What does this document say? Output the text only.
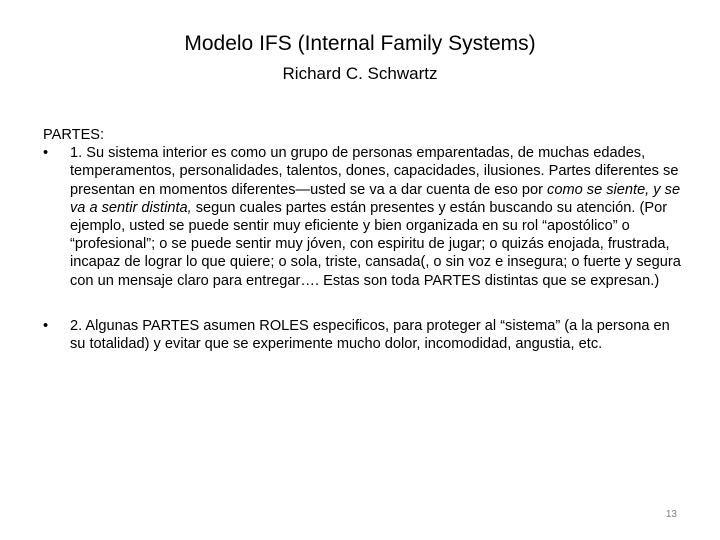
Modelo IFS (Internal Family Systems)
Richard C. Schwartz

PARTES:

• 1. Su sistema interior es como un grupo de personas emparentadas, de muchas edades, temperamentos, personalidades, talentos, dones, capacidades, ilusiones. Partes diferentes se presentan en momentos diferentes—usted se va a dar cuenta de eso por como se siente, y se va a sentir distinta, segun cuales partes están presentes y están buscando su atención. (Por ejemplo, usted se puede sentir muy eficiente y bien organizada en su rol “apostólico” o “profesional”; o se puede sentir muy jóven, con espiritu de jugar; o quizás enojada, frustrada, incapaz de lograr lo que quiere; o sola, triste, cansada(, o sin voz e insegura; o fuerte y segura con un mensaje claro para entregar…. Estas son toda PARTES distintas que se expresan.)

• 2. Algunas PARTES asumen ROLES especificos, para proteger al “sistema” (a la persona en su totalidad) y evitar que se experimente mucho dolor, incomodidad, angustia, etc.

13
